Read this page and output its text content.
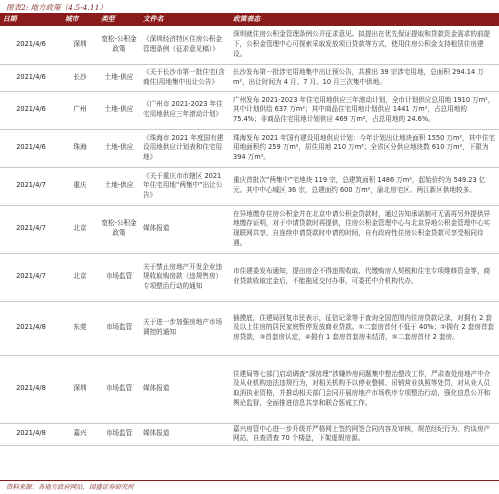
图表2: 地方政策（4.5-4.11）
日期	城市	类型	文件名	政策表态
2021/4/6	深圳	宽松-公积金政策	《深圳经济特区住房公积金管理条例（征求意见稿）》	深圳就住房公积金管理条例公开征求意见。拟提出在优先保证提取和贷款资金需求的前提下，公积金管理中心可探索采取发放项目贷款等方式，使用住房公积金支持租赁住房建设。
2021/4/6	长沙	土地-供应	《关于长沙市第一批住宅(含商住)用地集中出让公告》	长沙发布第一批涉宅用地集中出让预公告，共推出 39 宗涉宅用地，总面积 294.14 万m²，出让时间为 4 月、7 月、10 月三次集中供地。
2021/4/6	广州	土地-供应	《广州市 2021-2023 年住宅用地供应三年滚动计划》	广州发布 2021-2023 年住宅用地供应三年滚动计划，全市计划供应总用地 1910 万m²，其中计划供给 637 万m²；其中商品住宅用地计划供应 1441 万m²，占总用地的 75.4%；非商品住宅用地计划供应 469 万m²，占总用地的 24.6%。
2021/4/6	珠海	土地-供应	《珠海市 2021 年度国有建设用地供应计划表和住宅用地》	珠海发布 2021 年国有建设用地供应计划：今年计划出让地块面积 1550 万m²，其中住宅用地面积约 259 万m²，居住用地 210 万m²；全省区分供应地块数 610 万m²，下限为 394 万m²。
2021/4/7	重庆	土地-供应	《关于重庆市市辖区 2021 年住宅用地“两集中”出让公告》	重庆首批次“两集中”宅地块 119 宗，总建筑面积 1486 万m²，起始价约为 549.23 亿元。其中中心城区 36 宗，总建面约 600 万m²，渝北房宅区、两江新区供地较多。
2021/4/7	北京	宽松-公积金政策	媒体报道	在异地缴存住房公积金并在北京申请公积金贷款时，通过告知承诺制可无需再另外提供异地缴存证明，对于申请贷款时再提供，住房公积金管理中心与北京异地公积金管理中心实现联网共享，自连续申请贷款时申请的时间，自有政府性住房公积金贷款可享受相同待遇。
2021/4/7	北京	市场监管	关于禁止房地产开发企业违规收取购房款（违规售房）专项整治行动的通知	市住建委发布通知，提出房企不得违规收取、代缴购房人契税和住宅专项维修资金等，商业贷款收取定金后，不能拖延交付办事，可委托中介机构代办。
2021/4/8	东莞	市场监管	关于进一步加强房地产市场调控的通知	插摸底，住建局回复市民表示，征信记录等于查询全国范围内住房贷款记录，对拥有 2 套及以上住房的居民家庭暂停发放商业贷款。①二套房首付不低于 40%；②拥有 2 套房首套房贷款，③首套房认定，④拥有 1 套房首套房未结清，⑤二套房首付 2 套房。
2021/4/8	深圳	市场监管	媒体报道	住建局等七部门启动调查“深房理”涉嫌炒房问题集中整治整改工作，严肃查处房地产中介及从业机构违法违规行为，对相关机构予以停业整顿、吊销营业执照等处罚，对从业人员取消执业资格，并推动相关部门会同开展房地产市场秩序专项整治行动，强化信息公开和舆论监督，全面推进信息共享和联合惩戒工作。
2021/4/8	嘉兴	市场监管	媒体报道	嘉兴房管中心进一步升级并严格网上签约网签合同内容及审核，规范经纪行为，约谈房产网站，自查清查 70 个楼盘，下架虚假房源。
资料来源：各地方政府网站，国盛证券研究所
